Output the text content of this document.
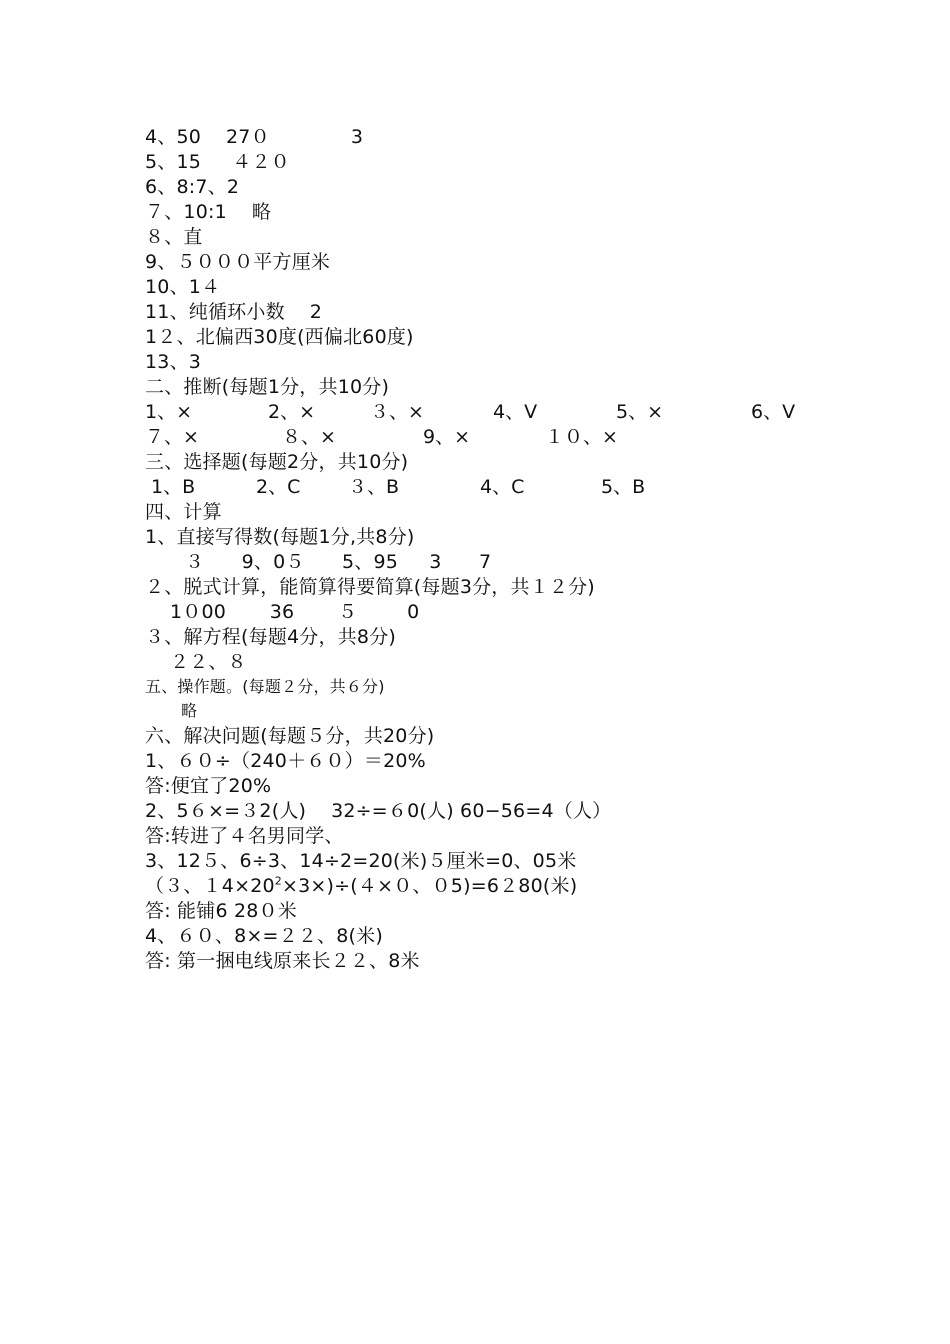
4、50    27０             3
5、15     ４２０
6、8:7、2
７、10:1    略
８、直
9、５０００平方厘米
10、1４
11、纯循环小数    2
1２、北偏西30度(西偏北60度)
13、3
二、推断(每题1分，共10分)
1、×	2、×	３、×	4、V	5、×	6、V
７、×	８、×	9、×	１０、×
三、选择题(每题2分，共10分)
1、B	2、C	３、B	4、C	5、B
四、计算
1、直接写得数(每题1分,共8分)
３      9、0５      5、95     3      7
２、脱式计算，能简算得要简算(每题3分，共１２分)
1０00       36       ５        0
３、解方程(每题4分，共8分)
２２、８
五、操作题。(每题２分，共６分)
略
六、解决问题(每题５分，共20分)
1、６０÷（240＋６０）＝20%
答:便宜了20%
2、5６×=３2(人)    32÷=６0(人) 60−56=4（人）
答:转进了４名男同学、
3、12５、6÷3、14÷2=20(米)５厘米=0、05米
（３、$14\times 20^2\times 3\times)\div(4\times 0$、０5)=6２80(米)
答: 能铺6 28０米
4、６０、8×=２２、8(米)
答: 第一捆电线原来长２２、8米
